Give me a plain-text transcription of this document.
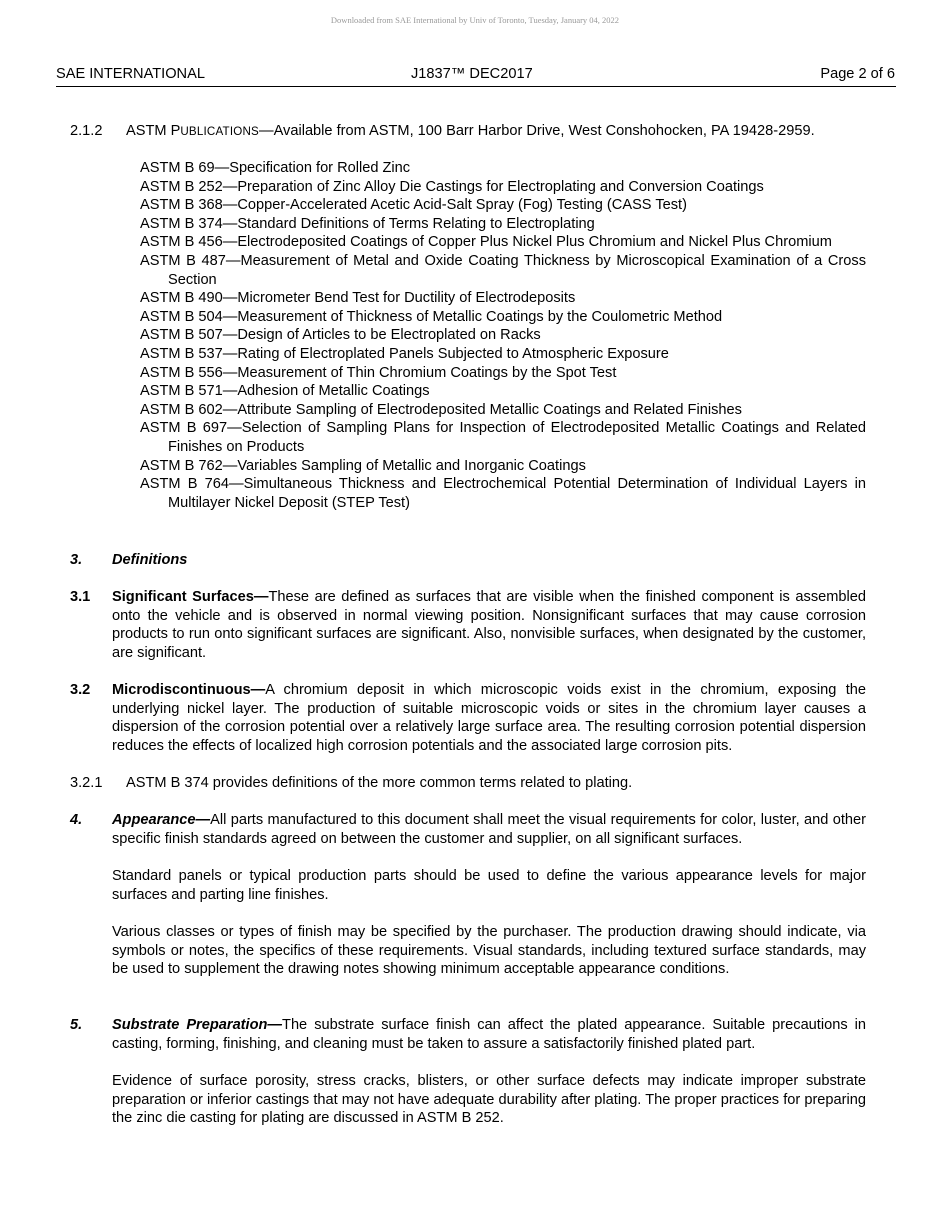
Downloaded from SAE International by Univ of Toronto, Tuesday, January 04, 2022
SAE INTERNATIONAL	J1837™ DEC2017	Page 2 of 6
2.1.2 ASTM PUBLICATIONS—Available from ASTM, 100 Barr Harbor Drive, West Conshohocken, PA 19428-2959.
ASTM B 69—Specification for Rolled Zinc
ASTM B 252—Preparation of Zinc Alloy Die Castings for Electroplating and Conversion Coatings
ASTM B 368—Copper-Accelerated Acetic Acid-Salt Spray (Fog) Testing (CASS Test)
ASTM B 374—Standard Definitions of Terms Relating to Electroplating
ASTM B 456—Electrodeposited Coatings of Copper Plus Nickel Plus Chromium and Nickel Plus Chromium
ASTM B 487—Measurement of Metal and Oxide Coating Thickness by Microscopical Examination of a Cross Section
ASTM B 490—Micrometer Bend Test for Ductility of Electrodeposits
ASTM B 504—Measurement of Thickness of Metallic Coatings by the Coulometric Method
ASTM B 507—Design of Articles to be Electroplated on Racks
ASTM B 537—Rating of Electroplated Panels Subjected to Atmospheric Exposure
ASTM B 556—Measurement of Thin Chromium Coatings by the Spot Test
ASTM B 571—Adhesion of Metallic Coatings
ASTM B 602—Attribute Sampling of Electrodeposited Metallic Coatings and Related Finishes
ASTM B 697—Selection of Sampling Plans for Inspection of Electrodeposited Metallic Coatings and Related Finishes on Products
ASTM B 762—Variables Sampling of Metallic and Inorganic Coatings
ASTM B 764—Simultaneous Thickness and Electrochemical Potential Determination of Individual Layers in Multilayer Nickel Deposit (STEP Test)
3. Definitions

3.1 Significant Surfaces—These are defined as surfaces that are visible when the finished component is assembled onto the vehicle and is observed in normal viewing position. Nonsignificant surfaces that may cause corrosion products to run onto significant surfaces are significant. Also, nonvisible surfaces, when designated by the customer, are significant.

3.2 Microdiscontinuous—A chromium deposit in which microscopic voids exist in the chromium, exposing the underlying nickel layer. The production of suitable microscopic voids or sites in the chromium layer causes a dispersion of the corrosion potential over a relatively large surface area. The resulting corrosion potential dispersion reduces the effects of localized high corrosion potentials and the associated large corrosion pits.

3.2.1 ASTM B 374 provides definitions of the more common terms related to plating.

4. Appearance—All parts manufactured to this document shall meet the visual requirements for color, luster, and other specific finish standards agreed on between the customer and supplier, on all significant surfaces.

Standard panels or typical production parts should be used to define the various appearance levels for major surfaces and parting line finishes.

Various classes or types of finish may be specified by the purchaser. The production drawing should indicate, via symbols or notes, the specifics of these requirements. Visual standards, including textured surface standards, may be used to supplement the drawing notes showing minimum acceptable appearance conditions.

5. Substrate Preparation—The substrate surface finish can affect the plated appearance. Suitable precautions in casting, forming, finishing, and cleaning must be taken to assure a satisfactorily finished plated part.

Evidence of surface porosity, stress cracks, blisters, or other surface defects may indicate improper substrate preparation or inferior castings that may not have adequate durability after plating. The proper practices for preparing the zinc die casting for plating are discussed in ASTM B 252.
